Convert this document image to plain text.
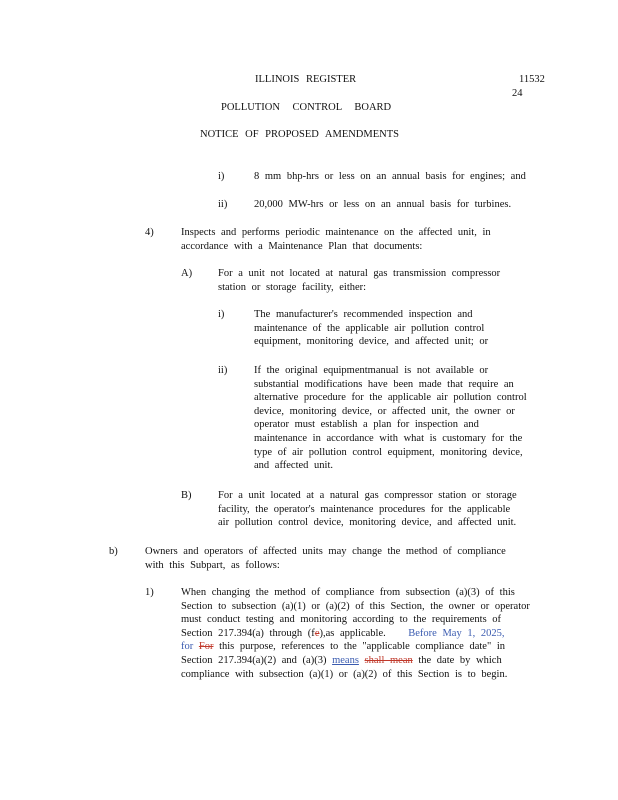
ILLINOIS REGISTER	11532
24
POLLUTION CONTROL BOARD
NOTICE OF PROPOSED AMENDMENTS
i)	8 mm bhp-hrs or less on an annual basis for engines; and
ii)	20,000 MW-hrs or less on an annual basis for turbines.
4)	Inspects and performs periodic maintenance on the affected unit, in
accordance with a Maintenance Plan that documents:
A) For a unit not located at natural gas transmission compressor
station or storage facility, either:
i)	The manufacturer's recommended inspection and
maintenance of the applicable air pollution control
equipment, monitoring device, and affected unit; or
ii)	If the original equipmentmanual is not available or
substantial modifications have been made that require an
alternative procedure for the applicable air pollution control
device, monitoring device, or affected unit, the owner or
operator must establish a plan for inspection and
maintenance in accordance with what is customary for the
type of air pollution control equipment, monitoring device,
and affected unit.
B)	For a unit located at a natural gas compressor station or storage
facility, the operator's maintenance procedures for the applicable
air pollution control device, monitoring device, and affected unit.
b)	Owners and operators of affected units may change the method of compliance
with this Subpart, as follows:
1)	When changing the method of compliance from subsection (a)(3) of this
Section to subsection (a)(1) or (a)(2) of this Section, the owner or operator
must conduct testing and monitoring according to the requirements of
Section 217.394(a) through (fe),as applicable. Before May 1, 2025,
for For this purpose, references to the "applicable compliance date" in
Section 217.394(a)(2) and (a)(3) means shall mean the date by which
compliance with subsection (a)(1) or (a)(2) of this Section is to begin.
